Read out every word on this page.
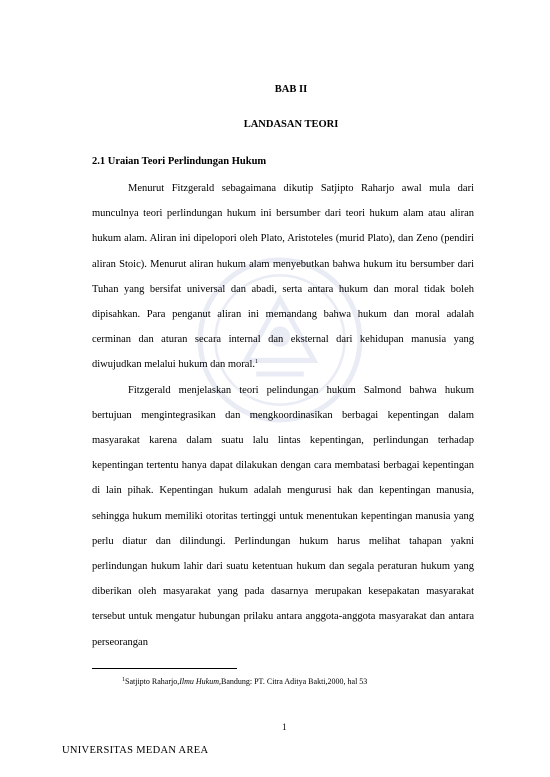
BAB II
LANDASAN TEORI
2.1 Uraian Teori Perlindungan Hukum

Menurut Fitzgerald sebagaimana dikutip Satjipto Raharjo awal mula dari munculnya teori perlindungan hukum ini bersumber dari teori hukum alam atau aliran hukum alam. Aliran ini dipelopori oleh Plato, Aristoteles (murid Plato), dan Zeno (pendiri aliran Stoic). Menurut aliran hukum alam menyebutkan bahwa hukum itu bersumber dari Tuhan yang bersifat universal dan abadi, serta antara hukum dan moral tidak boleh dipisahkan. Para penganut aliran ini memandang bahwa hukum dan moral adalah cerminan dan aturan secara internal dan eksternal dari kehidupan manusia yang diwujudkan melalui hukum dan moral.$^1$

Fitzgerald menjelaskan teori pelindungan hukum Salmond bahwa hukum bertujuan mengintegrasikan dan mengkoordinasikan berbagai kepentingan dalam masyarakat karena dalam suatu lalu lintas kepentingan, perlindungan terhadap kepentingan tertentu hanya dapat dilakukan dengan cara membatasi berbagai kepentingan di lain pihak. Kepentingan hukum adalah mengurusi hak dan kepentingan manusia, sehingga hukum memiliki otoritas tertinggi untuk menentukan kepentingan manusia yang perlu diatur dan dilindungi. Perlindungan hukum harus melihat tahapan yakni perlindungan hukum lahir dari suatu ketentuan hukum dan segala peraturan hukum yang diberikan oleh masyarakat yang pada dasarnya merupakan kesepakatan masyarakat tersebut untuk mengatur hubungan prilaku antara anggota-anggota masyarakat dan antara perseorangan

$^1$Satjipto Raharjo,Ilmu Hukum,Bandung: PT. Citra Aditya Bakti,2000, hal 53
1
UNIVERSITAS MEDAN AREA
